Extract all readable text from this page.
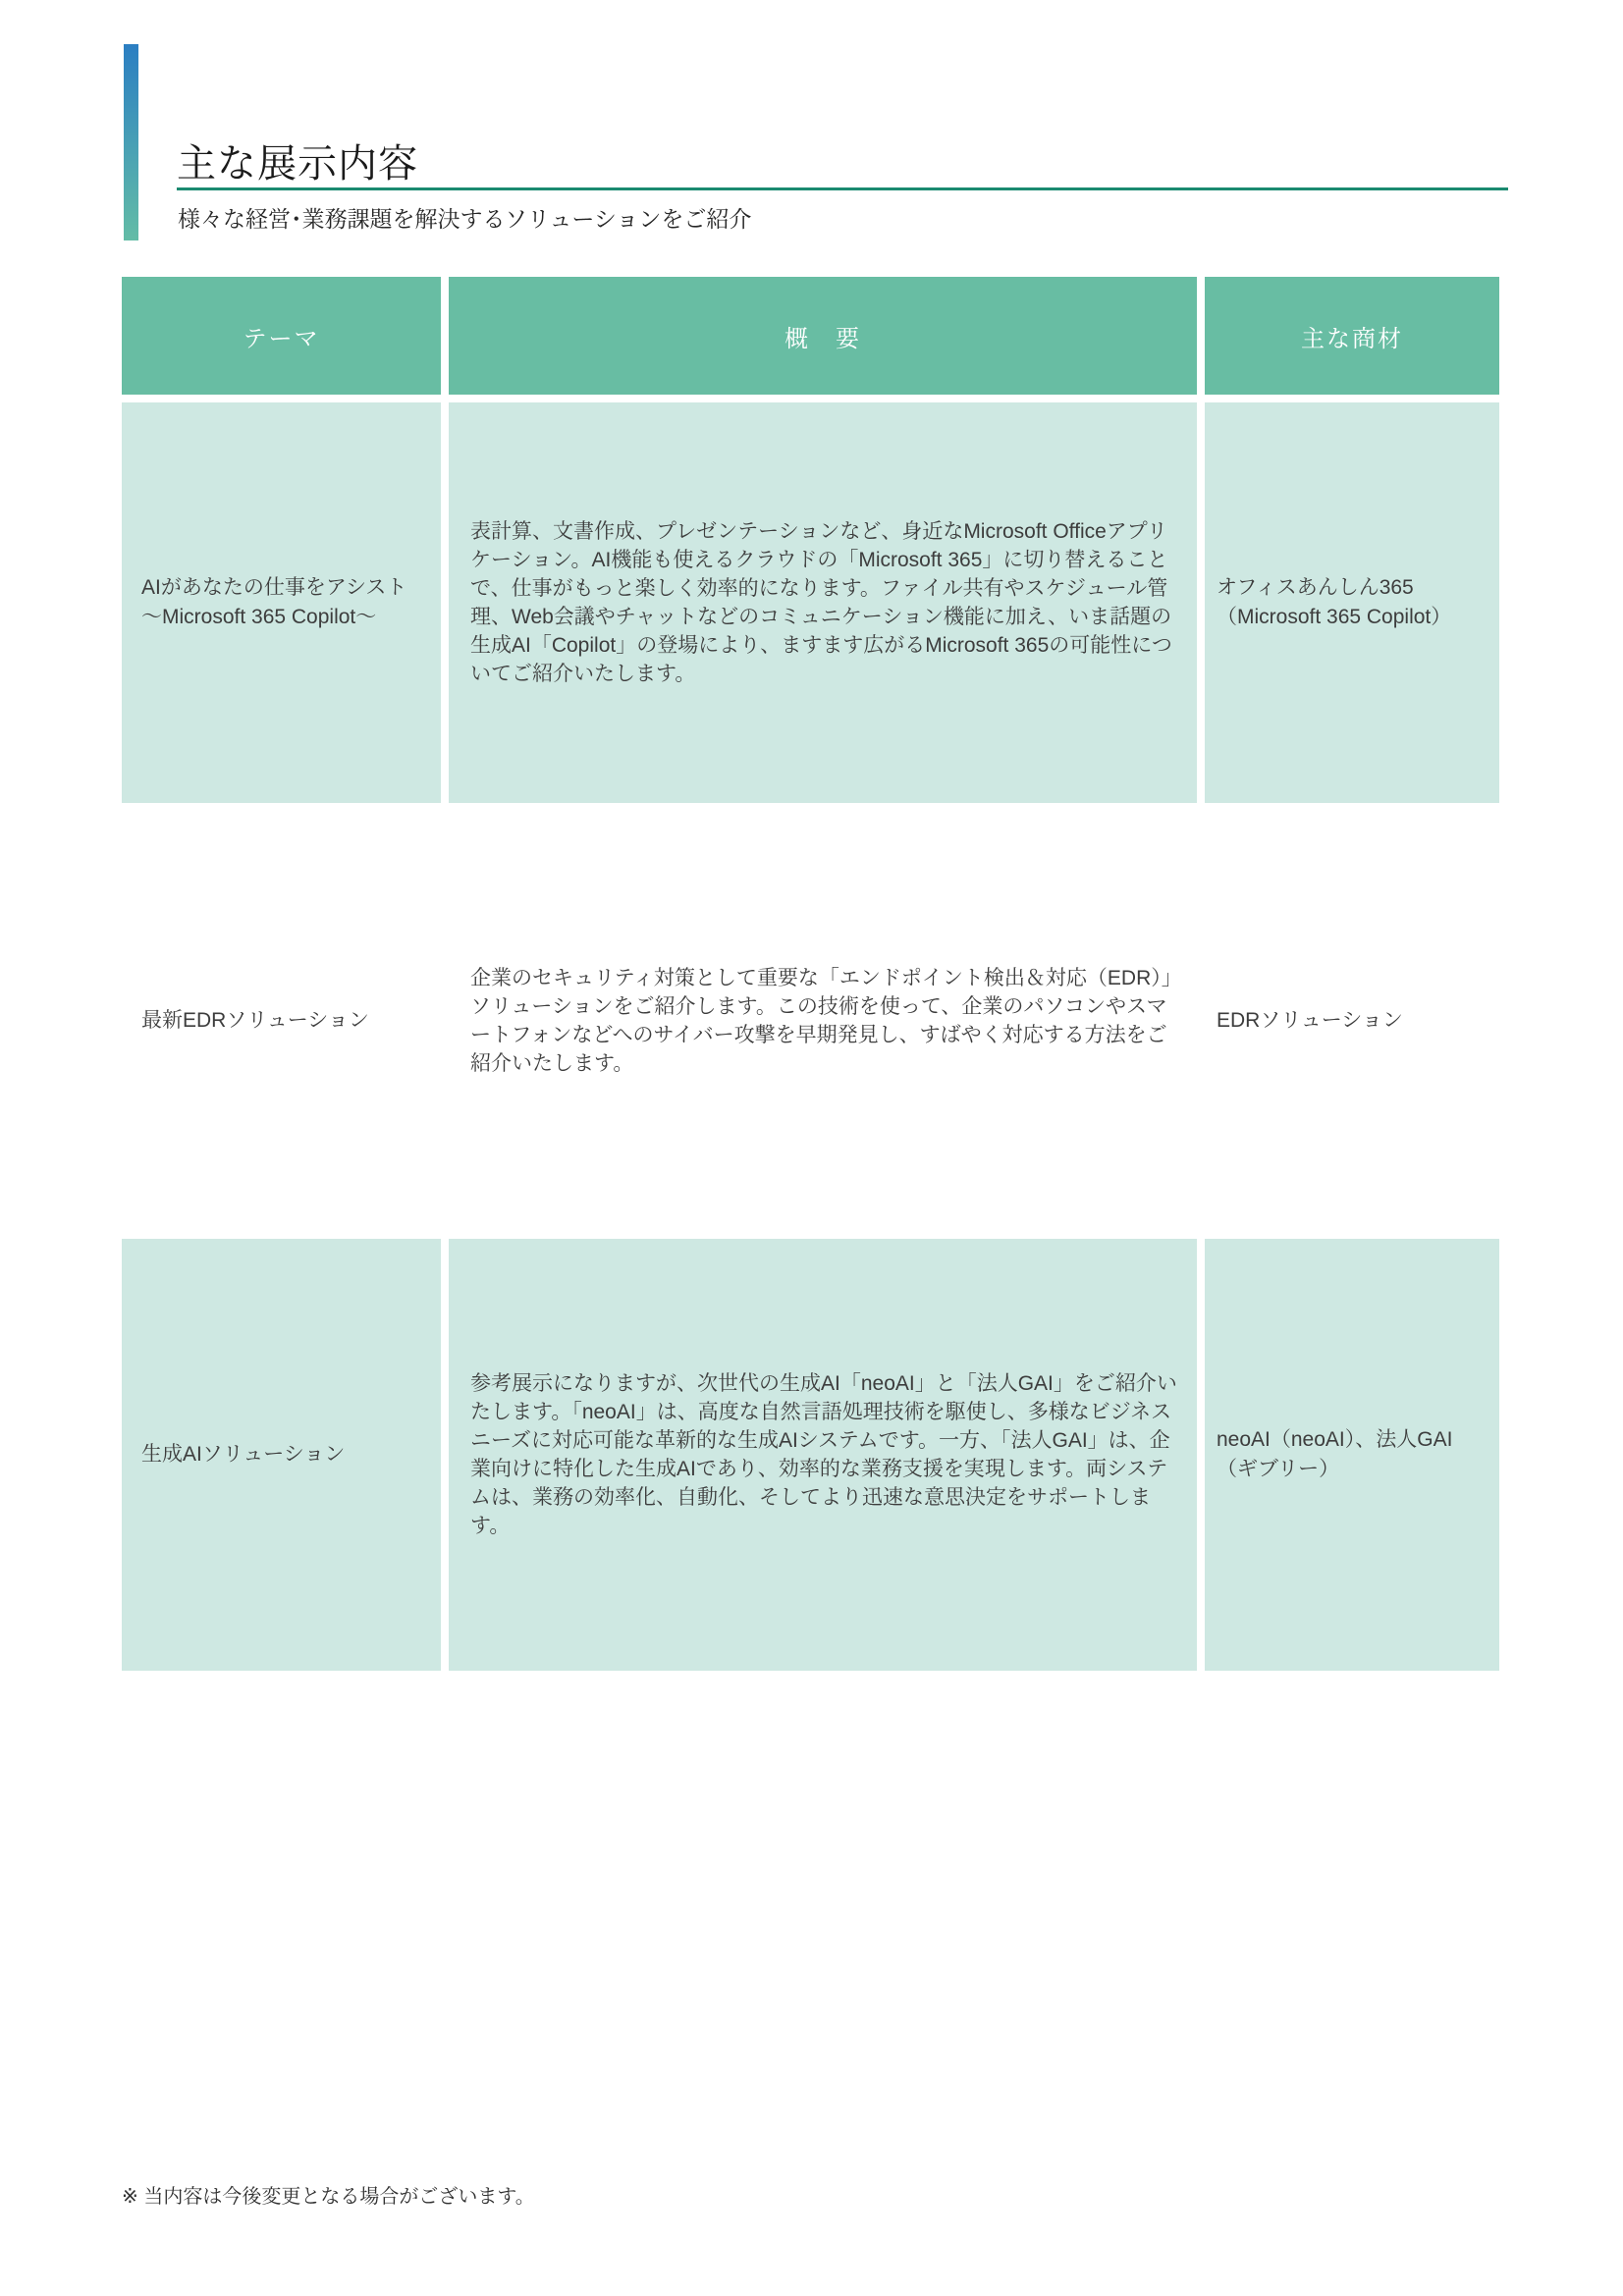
主な展示内容
様々な経営･業務課題を解決するソリューションをご紹介
テーマ	概　要	主な商材
AIがあなたの仕事をアシスト　～Microsoft 365 Copilot～
表計算、文書作成、プレゼンテーションなど、身近なMicrosoft Officeアプリケーション。AI機能も使えるクラウドの「Microsoft 365」に切り替えることで、仕事がもっと楽しく効率的になります。ファイル共有やスケジュール管理、Web会議やチャットなどのコミュニケーション機能に加え、いま話題の生成AI「Copilot」の登場により、ますます広がるMicrosoft 365の可能性についてご紹介いたします。
オフィスあんしん365（Microsoft 365 Copilot）
最新EDRソリューション
企業のセキュリティ対策として重要な「エンドポイント検出＆対応（EDR）」ソリューションをご紹介します。この技術を使って、企業のパソコンやスマートフォンなどへのサイバー攻撃を早期発見し、すばやく対応する方法をご紹介いたします。
EDRソリューション
生成AIソリューション
参考展示になりますが、次世代の生成AI「neoAI」と「法人GAI」をご紹介いたします。「neoAI」は、高度な自然言語処理技術を駆使し、多様なビジネスニーズに対応可能な革新的な生成AIシステムです。一方、「法人GAI」は、企業向けに特化した生成AIであり、効率的な業務支援を実現します。両システムは、業務の効率化、自動化、そしてより迅速な意思決定をサポートします。
neoAI（neoAI）、法人GAI（ギブリー）
※ 当内容は今後変更となる場合がございます。
